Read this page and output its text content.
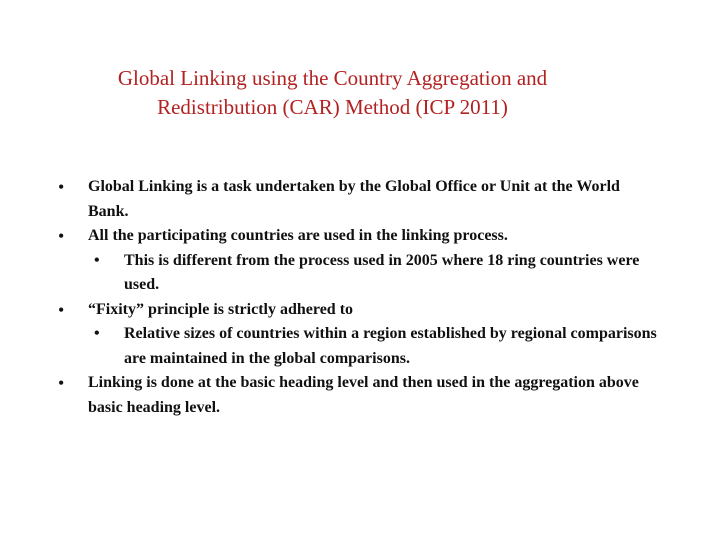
Global Linking using the Country Aggregation and
Redistribution (CAR) Method (ICP 2011)
•	Global Linking is a task undertaken by the Global Office or Unit at the World Bank.
•	All the participating countries are used in the linking process.
•	This is different from the process used in 2005 where 18 ring countries were used.
•	“Fixity” principle is strictly adhered to
•	Relative sizes of countries within a region established by regional comparisons are maintained in the global comparisons.
•	Linking is done at the basic heading level and then used in the aggregation above basic heading level.
